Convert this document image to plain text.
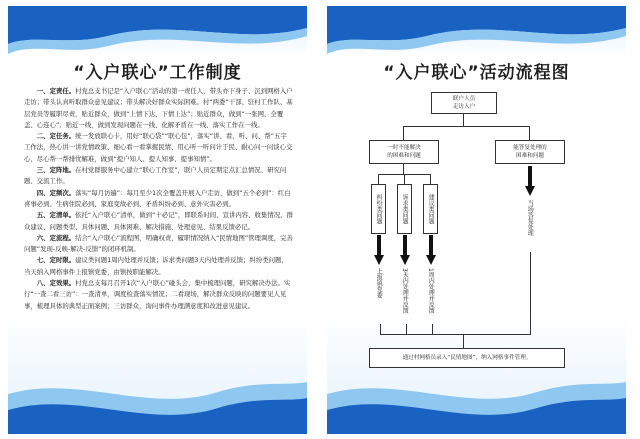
“入户联心”工作制度

一、定责任。村党总支书记是“入户联心”活动的第一责任人，带头亦下身子、沉到网格入户走访；带头认真听取群众意见建议；带头解决好群众实际困难。村“两委”干部、驻村工作队、基层党员等履职尽责，贴近群众，做到“上情下达、下情上达”；贴近群众，做到“一张网、全覆盖、心连心”；贴近一线，做到发现问题在一线、化解矛盾在一线、落实工作在一线。

二、定任务。统一发放联心卡，用好“联心袋”“联心包”，落实“讲、看、听、问、帮”五字工作法，热心讲一讲党情政策、细心看一看掌握民情、用心听一听问计于民、耐心问一问谈心交心、尽心帮一帮排忧解难，做到“提户知人、提人知事、提事知情”。

三、定阵地。在村党群服务中心建立“联心工作室”，联户人员定期定点汇总情况、研究问题、交流工作。

四、定频次。落实“每月访遍”：每月至少1次全覆盖开展入户走访，做到“五个必到”：红白喜事必到、生病住院必到、家庭变故必到、矛盾纠纷必到、意外灾害必到。

五、定清单。依托“入户联心”清单，做到“十必记”，即联系时间、宣讲内容、收集情况、群众建议、问题类型、具体问题、具体困难、解决措施、处理意见、结果反馈必记。

六、定流程。结合“入户联心”流程图，明确权责，履职情况纳入“民情地图”管理调度，完善问题“发现-反映-解决-反馈”的闭环机制。

七、定时限。建议类问题1周内处理并反馈；诉求类问题3天内处理并反馈；纠纷类问题，当天纳入网格事件上报镇党委，由镇按职能解决。

八、定效果。村党总支每月召开1次“入户联心”碰头会，集中梳理问题，研究解决办法。实行“一查二看三访”：一查清单，调度检查落实情况；二看现场，解决群众反映的问题要见人见事，梳理具体的典型正面案例；三访群众，询问事件办理满意度和改进意见建议。

“入户联心”活动流程图
联户人员
走访入户
一时不能解决
的困难和问题
能答复处理的
困难和问题
纠纷类问题	诉求类问题	建议类问题
上报镇党委	3天内处理并反馈	1周内处理并反馈
当场答复处理
通过村网格员录入“民情地图”，纳入网格事件管理。
